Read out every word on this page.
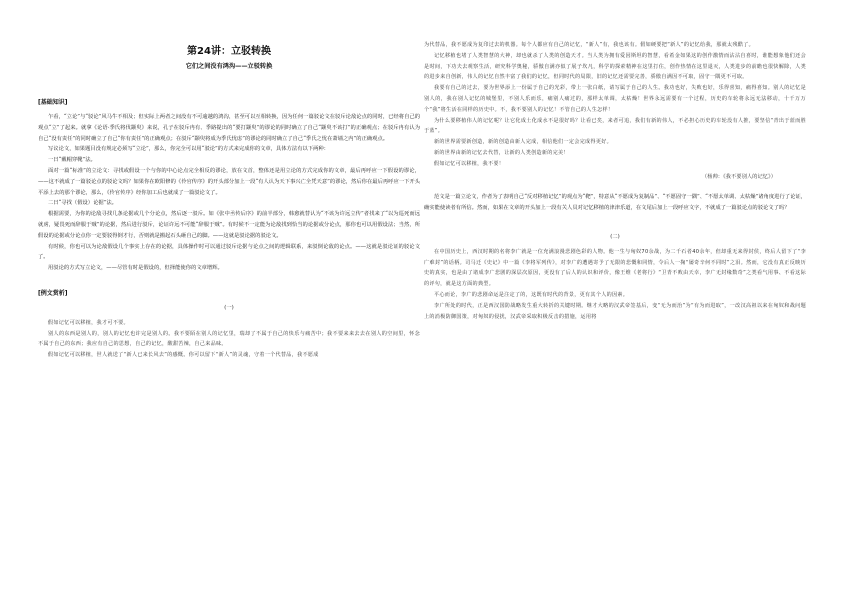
第24讲：立驳转换
它们之间没有鸿沟——立驳转换
[基础知识]

乍看，“立论”与“驳论”风马牛不相及；但实际上两者之间没有不可逾越的鸿沟，甚至可以互相转换，因为任何一篇驳论文在驳斥论敌论点的同时，已经将自己的观点“立”了起来。就拿《论语·季氏将伐颛臾》来说，孔子在驳斥冉有、季路提出的“要打颛臾”的谬论的同时确立了自己“颛臾不该打”的正确观点；在驳斥冉有认为自己“没有责任”的同时确立了自己“你有责任”的正确观点；在驳斥“颛臾将成为季氏忧虑”的谬论的同时确立了自己“季氏之忧在萧墙之内”的正确观点。

写议论文，如果题目没有规定必须写“立论”，那么，你完全可以用“驳论”的方式来完成你的文章，具体方法有以下两种：

一曰“戴帽穿靴”法。

面对一篇“标准”的立论文：寻找或假设一个与你的中心论点完全相反的谬论，放在文首，整体还是用立论的方式完成你的文章，最后再呼应一下假设的谬论，——这不就成了一篇驳论点的驳论文吗？如果你在欧阳修的《伶官传序》的开头部分加上一段“有人认为天下事兴亡全凭天意”的谬论，然后你在最后再呼应一下开头平添上去的那个谬论，那么，《伶官传序》经你加工后也就成了一篇驳论文了。

二曰“寻找（假设）论据”法。

根据需要，为你的论敌寻找几条论据或几个分论点，然后逐一驳斥。如《张中丞传后序》的前半部分，韩愈就替认为“不该为许远立传”者找来了“以为巡死而远就虏，疑畏死而辞服于贼”的论据，然后进行驳斥，论证许远不可能“辞服于贼”。有时候不一定能为论敌找到恰当的论据或分论点，那你也可以用假设法；当然，所假设的论据或分论点你一定要驳得倒才行，否则就是搬起石头砸自己的脚。——这就是驳论据的驳论文。

有时候，你也可以为论敌假设几个事实上存在的论据，具体操作时可以通过驳斥论据与论点之间的逻辑联系，来驳倒论敌的论点。——这就是驳论证的驳论文了。

用驳论的方式写立论文，——尽管有时是假设的，但择能使你的文章增辉。

[例文赏析]
(一)

假如记忆可以移植，我才可不要。

别人的东西是别人的，别人的记忆也许完是别人的。我不要陌在别人的记忆里，瑞却了不属于自己的快乐与痛苦中；我不要来来去去在别人的空间里，怀念不属于自己的东西；我应有自己的思想，自己的记忆，酸甜苦辣，自己来品味。

假如记忆可以移植，世人就送了“新人已来长风去”的感慨。你可以留下“新人”的灵魂，守着一个代替品，我不愿成

为代替品，我不愿成为复印过去的机器。每个人都应有自己的记忆，“新人”有，我也该有。假如硬要把“新人”的记忆给我，那就太残酷了。

记忆移植也堵了人类智慧的大神，却也就杀了人类的创造天才。当人类为拥有爱因斯坦的智慧，看希金如果这的创作激情而沾沾自喜时，谁能想象他们还会是时间，下功夫去观察生活，研究科学奥秘，骄傲自满亦似了展子坎凡，科学的探索精神在这里打住，创作热情在这里退灭，人类进步的前瞻也很快解除，人类的进步来自创新，伟人的记忆自然丰富了我们的记忆，但同时代的局限，旧的记忆还需要完善，骄傲自满因不可取，固守一隅更不可取。

我要有自己的过去，要为世界添上一份属于自己的光彩，带上一张白纸，请写属于自己的人生。我功也好，失败也好，乐得喜知，痛得喜知。别人的记忆是别人的，我在别人记忆的城堡里，不别人乐而乐，痛别人痛过的，那样太单调，太枯燥！世界永远需要有一个过程，历史的车轮将永远无法移动，十千万万个“我”将生活在同样的历史中。不，我不要别人的记忆！不管自己的人生怎样！

为什么要移植伟人的记忆呢？让它化成土化成水不是很好吗？让看已矣，来者可追，我们有新的伟人，不必担心历史的车轮没有人推，要坚信“青出于蓝而胜于蓝”。

新的世界需要新创造，新的创造由新人完成，相信他们一定会完成得更好。

新的世界由新的记忆去代替，让新的人类创造新的完美！

假如记忆可以移植，我不要！

（杨帅：《我不要别人的记忆》）

范文是一篇立论文，作者为了表明自己“反对移植记忆”的观点为“靶”，特意从“不愿成为复制品”、“不愿固守一隅”、“不愿太单调、太枯燥”诸角度进行了论证，确实能使读者有所信。然而，如果在文章的开头加上一段有关人员对记忆移植的津津乐道，在文尾后加上一段呼应文字，不就成了一篇驳论点的驳论文了吗？

(二)

在中国历史上，西汉时期的名将李广就是一位充满浪漫悲剧色彩的人物。他一生与匈奴70余战，为二千石者40余年，但却重无来得封侯，终后人留下了“李广难封”的话柄。司马迁《史记》中一篇《李将军列传》，对李广的遭遇寄予了无限的悲慨和同情，令后人一掬“屡奇辛何不同时”之泪。然而，它没有真正反映历史的真实，也是由了诸成李广悲剧的深层次原因，更没有了后人的认识和评价，像王维《老将行》“卫青不败由天幸，李广无封缘数奇”之类看气用事、不看这际的评句，就是这方面的典型。

平心而论，李广的悲剧命运是注定了的，这既有时代的背景，更有其个人的因素。

李广所处的时代，正是西汉国防战略发生重大转折的关键时期。继才大略的汉武帝签基后，变“无为而治”为“有为而进取”，一改汉高祖以来在匈奴和战问题上的消极防御国策，对匈奴的侵扰，汉武帝采取积极反击的措施，运用将
